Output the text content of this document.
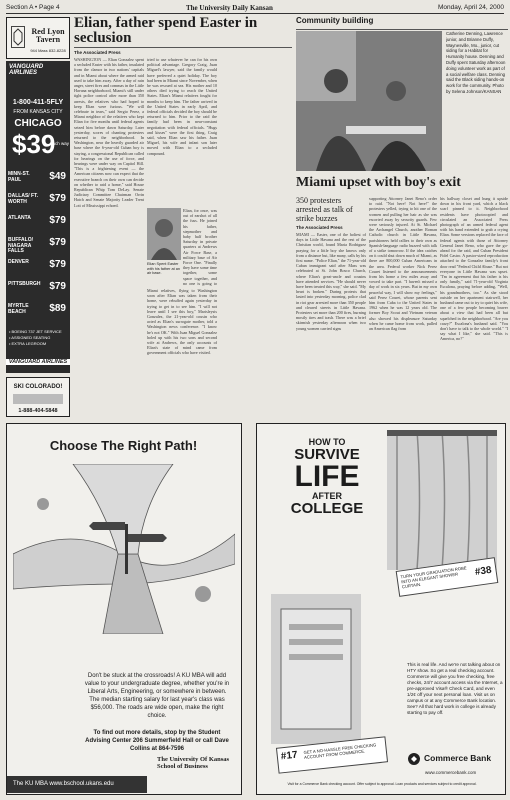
Section A • Page 4	The University Daily Kansan	Monday, April 24, 2000
Red Lyon Tavern
944 Mass 832-8228
VANGUARD AIRLINES
1-800-411-5FLY
FROM KANSAS CITY
CHICAGO
$39
each way
MINN-ST. PAUL	$49
DALLAS/ FT. WORTH	$79
ATLANTA	$79
BUFFALO/ NIAGARA FALLS
$79
DENVER	$79
PITTSBURGH $79
MYRTLE BEACH	$89
• BOEING 737 JET SERVICE
• ASSIGNED SEATING
• EXTRA LEGROOM
VANGUARD AIRLINES
SKI COLORADO!
1-888-404-5848
Elian, father spend Easter in seclusion
The Associated Press
WASHINGTON — Elian Gonzalez spent a secluded Easter with his father, insulated from the clamor in two nations' capitals and in Miami about where the armed raid used to take him away. After a day of rain anger, street fires and commas in the Little Havana neighborhood, Miami's still under tight police control after more than 350 arrests, the relatives who had hoped to keep Elian were furious. "We will celebrate in tears," said Sergio Perez, a Miami neighbor of the relatives who kept Elian for five months until federal agents seized him before dawn Saturday. Later yesterday, scores of chanting protesters returned to the neighborhood. In Washington, near the heavily guarded air base where the 6-year-old Cuban boy is staying, a congressional Republican called for hearings on the use of force, and hearings were under way on Capitol Hill. "This is a frightening event — the American citizens now can expect that the executive branch on their own can decide on whether to raid a home," said House Republican Whip Tom DeLay. Senate Judiciary Committee Chairman Orrin Hatch and Senate Majority Leader Trent Lott of Mississippi echoed.
tried to use whatever he can for his own political advantage. Gregory Craig, Juan Miguel's lawyer, said the family would have preferred a quiet holiday. The boy had been in Miami since November, when he was rescued at sea. His mother and 10 others died trying to reach the United States. Elian's Miami relatives fought for months to keep him. The father arrived in the United States in early April, and federal officials decided the boy should be returned to him. Prior to the raid the family had been in near-constant negotiation with federal officials. "Hugs and kisses" were the first thing, Craig said, when Elian saw his father. Juan Miguel, his wife and infant son later moved with Elian to a secluded compound.
Elian Spent Easter with his father at an air base.
Elian, for once, was out of earshot of all the fuss. He joined his father, stepmother and baby half brother Saturday in private quarters at Andrews Air Force Base, a military base of Air Force One. "Finally they have some time together, some space together, and no one is going to
Miami relatives, flying to Washington soon after Elian was taken from their home, were rebuffed again yesterday in trying to get in to see him. "I will not leave until I see this boy," Marisleysis Gonzalez, the 21-year-old cousin who acted as Elian's surrogate mother, told a Washington news conference. "I know he's not OK." With Juan Miguel Gonzalez holed up with his two sons and second wife at Andrews, the only accounts of Elian's state of mind came from government officials who have visited.
Community building
Catherine Denning, Lawrence junior, and Brianne Duffy, Waynesville, Mo., junior, cut siding for a Habitat for Humanity house. Denning and Duffy spent Saturday afternoon doing volunteer work as part of a social welfare class. Denning said the Black siding hands-on work for the community. Photo by Selena Johnson/KANSAN
Miami upset with boy's exit
350 protesters arrested as talk of strike buzzes
The Associated Press
MIAMI — Easter, one of the holiest of days in Little Havana and the rest of the Christian world, found Maria Rodriguez praying for a little boy she knows only from a distance but, like many, calls by his first name. "Police Elian," the 71-year-old Cuban immigrant said after Mass was celebrated at St. John Bosco Church, where Elian's great-uncle and cousins have attended services. "He should never have been treated this way," she said. "My heart is broken." During protests that lasted into yesterday morning, police clad in riot gear arrested more than 350 people and cleared streets in Little Havana. Protesters set more than 200 fires, burning mostly tires and trash. There was a brief skirmish yesterday afternoon when two young women carried signs
supporting Attorney Janet Reno's order to raid. "Not here! Not here!" the protesters yelled, trying to hit one of the women and pulling her hair as she was escorted away by security guards. Few were seriously injured. At St. Michael the Archangel Church, another Roman Catholic church in Little Havana, parishioners held rallies to their own as Spanish-language radio buzzed with talk of a strike tomorrow. If the idea catches on it could shut down much of Miami, as there are 800,000 Cuban Americans in the area. Federal worker Nick Perez Couret listened to the announcements from his home a few miles away and vowed to take part. "I haven't missed a day of work in six years. But in my own peaceful way, I will show my feelings," said Perez Couret, whose parents sent him from Cuba to the United States in 1962 when he was 12 years old. The former Boy Scout and Vietnam veteran also showed his displeasure Saturday when he came home from work, pulled an American flag from
his hallway closet and hung it upside down in his front yard, which a black scarf pinned to it. Neighborhood residents have photocopied and circulated an Associated Press photograph of an armed federal agent with his hand extended to grab a crying Elian. Some versions replaced the face of federal agents with those of Attorney General Janet Reno, who gave the go-ahead for the raid, and Cuban President Fidel Castro. A pastor-sized reproduction attached to the Gonzalez family's front door read "Federal Child Abuse." But not everyone in Little Havana was upset. "I'm in agreement that his father is his only family," said 71-year-old Virginia Escalona, praying before adding, "Well, his grandmothers, too." As she stood outside on her apartment stairwell, her husband came out to try to quiet his wife, one of a few people becoming braver about a view that had been all but squelched in the neighborhood. "Are you crazy?" Escalona's husband said. "You don't have to talk to the whole world." "I say what I like," she said. "This is America, no?"
Choose The Right Path!
Don't be stuck at the crossroads! A KU MBA will add value to your undergraduate degree, whether you're in Liberal Arts, Engineering, or somewhere in between. The median starting salary for last year's class was $56,000. The roads are wide open, make the right choice.
To find out more details, stop by the Student Advising Center 206 Summerfield Hall or call Dave Collins at 864-7596
The University Of Kansas School of Business
The KU MBA www.bschool.ukans.edu
HOW TO
SURVIVE
LIFE
AFTER
COLLEGE
TURN YOUR GRADUATION ROBE INTO AN ELEGANT SHOWER CURTAIN.
#38
#17
GET A NO-HASSLE FREE CHECKING ACCOUNT FROM COMMERCE.
This is real life. And we're not talking about on HTY show. So get a real checking account. Commerce will give you free checking, free checks, 24/7 account access via the Internet, a pre-approved Visa® Check Card, and even 1/2¢ off your next personal loan. Visit us on campus or at any Commerce Bank location. See? All that hard work in college is already starting to pay off.
Commerce Bank
www.commercebank.com
Visit for a Commerce Bank checking account. Offer subject to approval. Loan products and services subject to credit approval.
